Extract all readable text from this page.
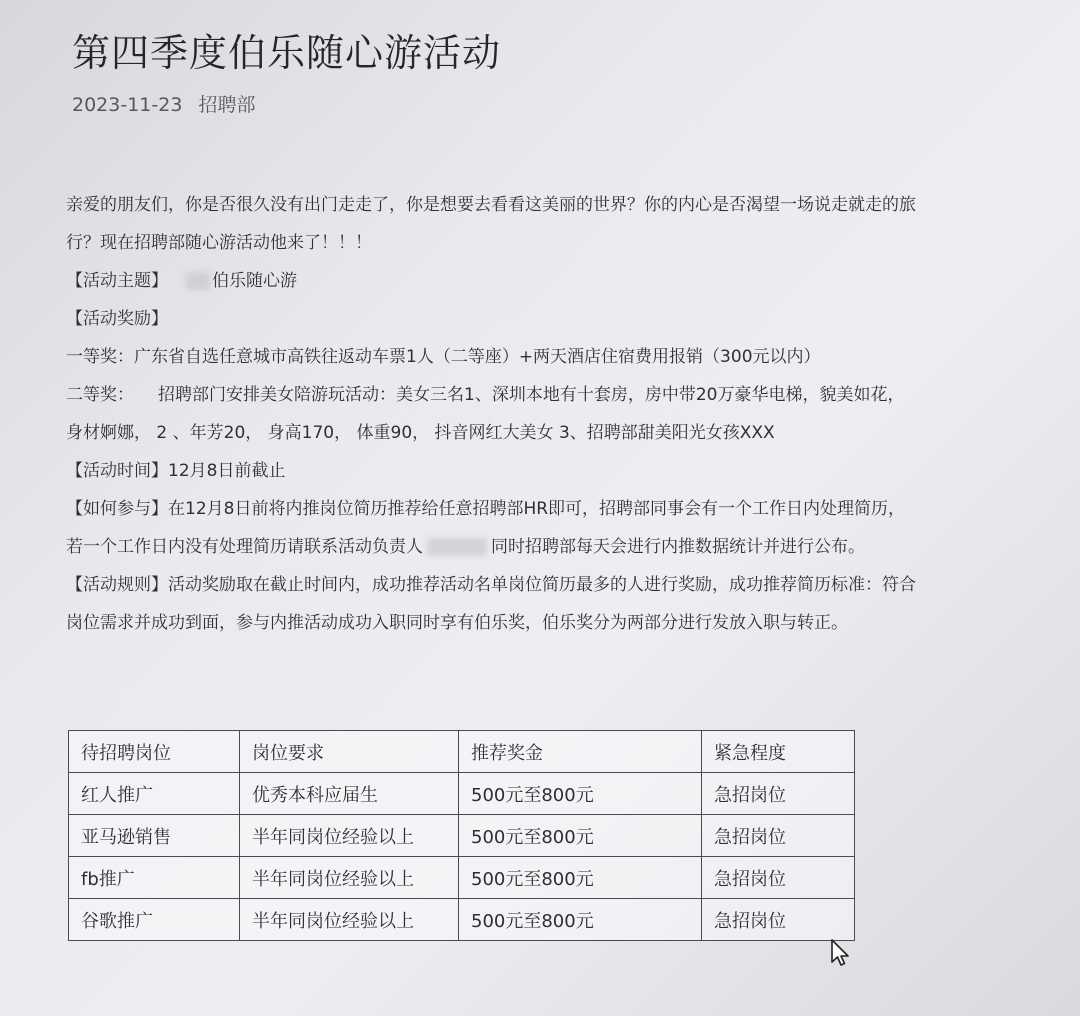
第四季度伯乐随心游活动
2023-11-23 招聘部

亲爱的朋友们，你是否很久没有出门走走了，你是想要去看看这美丽的世界？你的内心是否渴望一场说走就走的旅

行？现在招聘部随心游活动他来了！！！

【活动主题】	伯乐随心游

【活动奖励】

一等奖：广东省自选任意城市高铁往返动车票1人（二等座）+两天酒店住宿费用报销（300元以内）

二等奖： 招聘部门安排美女陪游玩活动：美女三名1、深圳本地有十套房，房中带20万豪华电梯，貌美如花，

身材婀娜， 2 、年芳20， 身高170， 体重90， 抖音网红大美女 3、招聘部甜美阳光女孩XXX

【活动时间】12月8日前截止

【如何参与】在12月8日前将内推岗位简历推荐给任意招聘部HR即可，招聘部同事会有一个工作日内处理简历，

若一个工作日内没有处理简历请联系活动负责人	同时招聘部每天会进行内推数据统计并进行公布。

【活动规则】活动奖励取在截止时间内，成功推荐活动名单岗位简历最多的人进行奖励，成功推荐简历标准：符合

岗位需求并成功到面，参与内推活动成功入职同时享有伯乐奖，伯乐奖分为两部分进行发放入职与转正。

待招聘岗位	岗位要求	推荐奖金	紧急程度
红人推广	优秀本科应届生	500元至800元	急招岗位
亚马逊销售	半年同岗位经验以上	500元至800元	急招岗位
fb推广	半年同岗位经验以上	500元至800元	急招岗位
谷歌推广	半年同岗位经验以上	500元至800元	急招岗位
